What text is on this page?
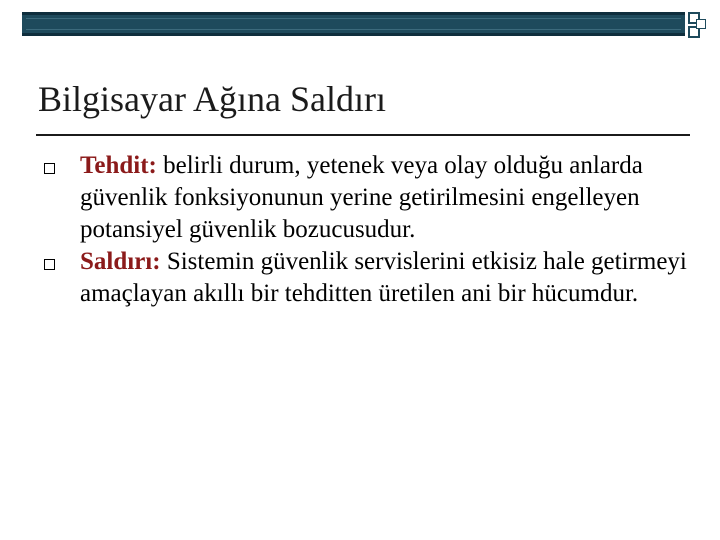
Bilgisayar Ağına Saldırı
Tehdit: belirli durum, yetenek veya olay olduğu anlarda güvenlik fonksiyonunun yerine getirilmesini engelleyen potansiyel güvenlik bozucusudur.
Saldırı: Sistemin güvenlik servislerini etkisiz hale getirmeyi amaçlayan akıllı bir tehditten üretilen ani bir hücumdur.
